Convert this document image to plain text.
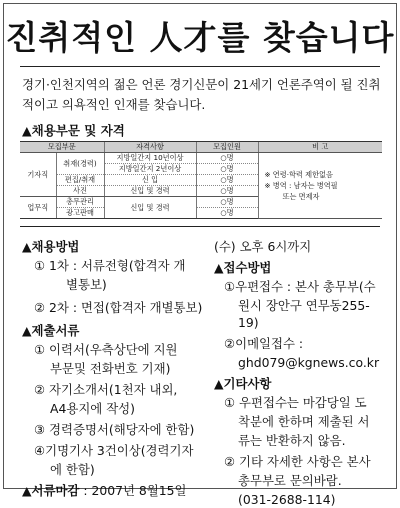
진취적인 人才를 찾습니다
경기·인천지역의 젊은 언론 경기신문이 21세기 언론주역이 될 진취적이고 의욕적인 인재를 찾습니다.
▲채용부문 및 자격
모집부문		자격사항	모집인원	비 고
기자직	취재(경력)	지방일간지 10년이상	○명	※ 연령·학력 제한없음
※ 병역 : 남자는 병역필
또는 면제자

		지방일간지 2년이상	○명	
	편집/취재	신 입	○명	
	사진	신입 및 경력	○명	
업무직	총무관리	신입 및 경력	○명	
	광고판매		○명	
▲채용방법
① 1차 : 서류전형(합격자 개
별통보)
② 2차 : 면접(합격자 개별통보)
▲제출서류
① 이력서(우측상단에 지원
부문및 전화번호 기재)
② 자기소개서(1천자 내외,
A4용지에 작성)
③ 경력증명서(해당자에 한함)
④기명기사 3건이상(경력기자
에 한함)
▲서류마감 : 2007년 8월15일
(수) 오후 6시까지
▲접수방법
①우편접수 : 본사 총무부(수
원시 장안구 연무동255-19)
②이메일접수 :
ghd079@kgnews.co.kr
▲기타사항
① 우편접수는 마감당일 도
착분에 한하며 제출된 서
류는 반환하지 않음.
② 기타 자세한 사항은 본사
총무부로 문의바람.
(031-2688-114)
